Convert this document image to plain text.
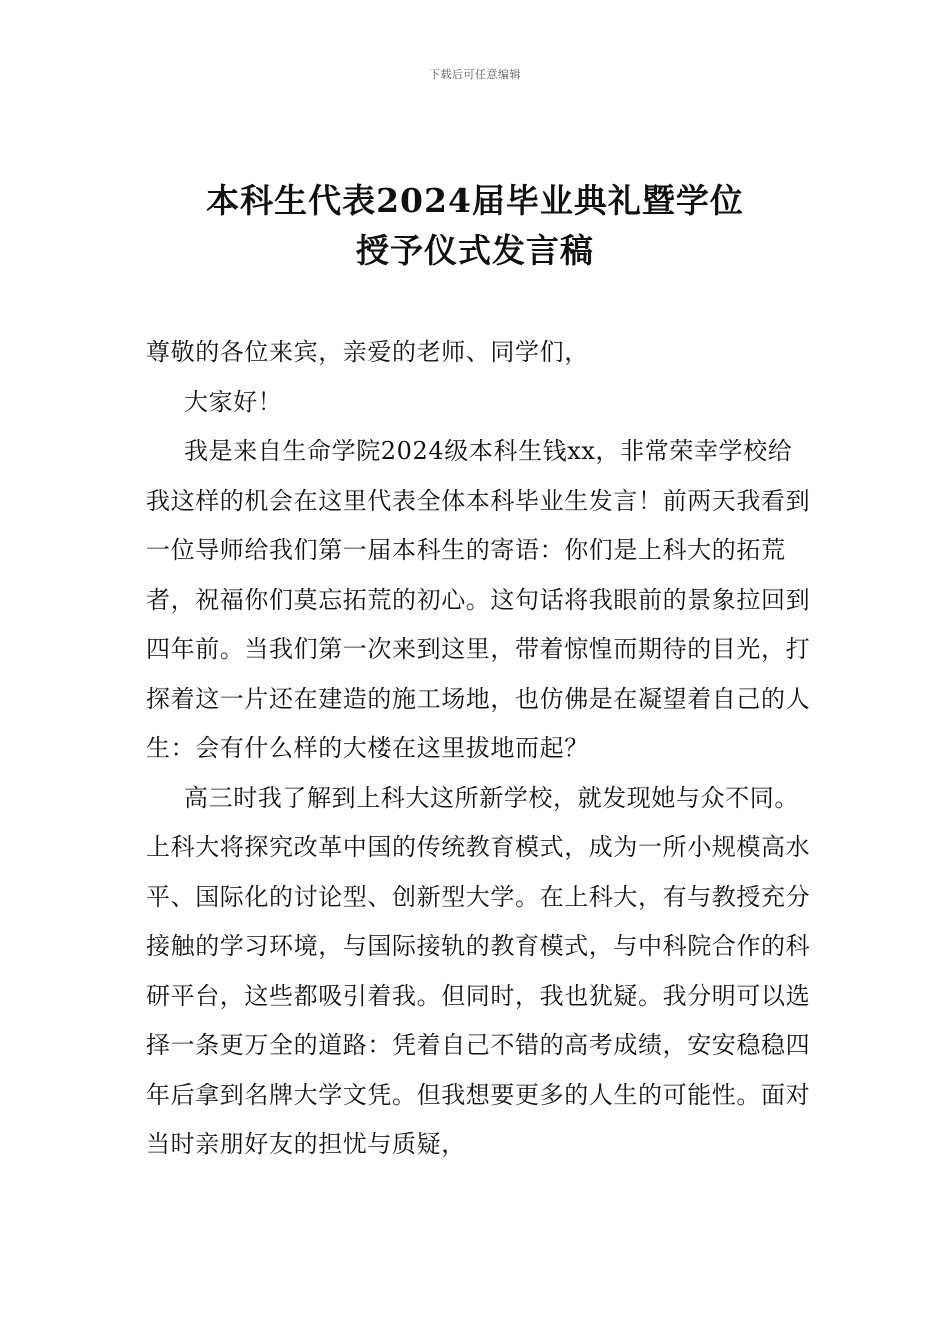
下载后可任意编辑
本科生代表2024届毕业典礼暨学位
授予仪式发言稿

尊敬的各位来宾，亲爱的老师、同学们，

大家好！

我是来自生命学院2024级本科生钱xx，非常荣幸学校给我这样的机会在这里代表全体本科毕业生发言！前两天我看到一位导师给我们第一届本科生的寄语：你们是上科大的拓荒者，祝福你们莫忘拓荒的初心。这句话将我眼前的景象拉回到四年前。当我们第一次来到这里，带着惊惶而期待的目光，打探着这一片还在建造的施工场地，也仿佛是在凝望着自己的人生：会有什么样的大楼在这里拔地而起？

高三时我了解到上科大这所新学校，就发现她与众不同。上科大将探究改革中国的传统教育模式，成为一所小规模高水平、国际化的讨论型、创新型大学。在上科大，有与教授充分接触的学习环境，与国际接轨的教育模式，与中科院合作的科研平台，这些都吸引着我。但同时，我也犹疑。我分明可以选择一条更万全的道路：凭着自己不错的高考成绩，安安稳稳四年后拿到名牌大学文凭。但我想要更多的人生的可能性。面对当时亲朋好友的担忧与质疑，
